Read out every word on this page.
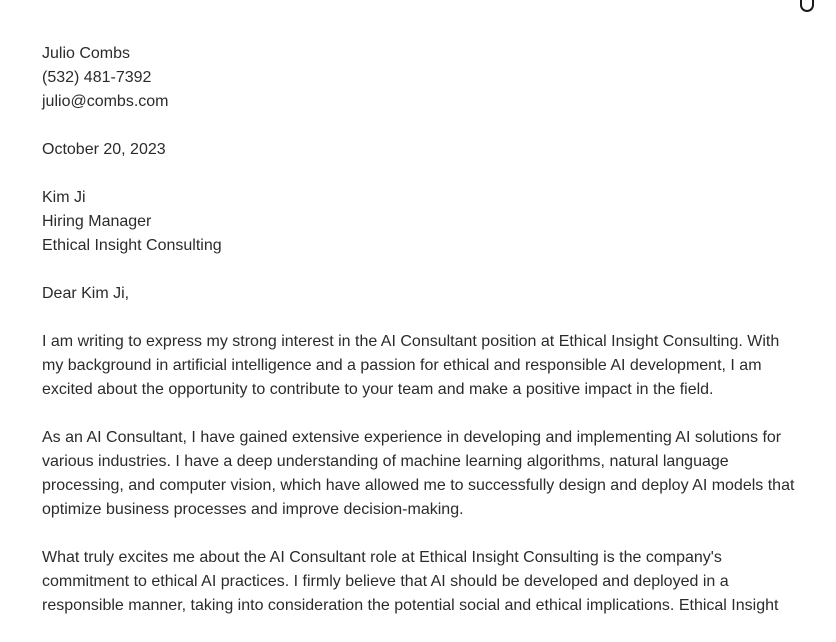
Julio Combs
(532) 481-7392
julio@combs.com
October 20, 2023
Kim Ji
Hiring Manager
Ethical Insight Consulting
Dear Kim Ji,

I am writing to express my strong interest in the AI Consultant position at Ethical Insight Consulting. With my background in artificial intelligence and a passion for ethical and responsible AI development, I am excited about the opportunity to contribute to your team and make a positive impact in the field.

As an AI Consultant, I have gained extensive experience in developing and implementing AI solutions for various industries. I have a deep understanding of machine learning algorithms, natural language processing, and computer vision, which have allowed me to successfully design and deploy AI models that optimize business processes and improve decision-making.

What truly excites me about the AI Consultant role at Ethical Insight Consulting is the company's commitment to ethical AI practices. I firmly believe that AI should be developed and deployed in a responsible manner, taking into consideration the potential social and ethical implications. Ethical Insight
